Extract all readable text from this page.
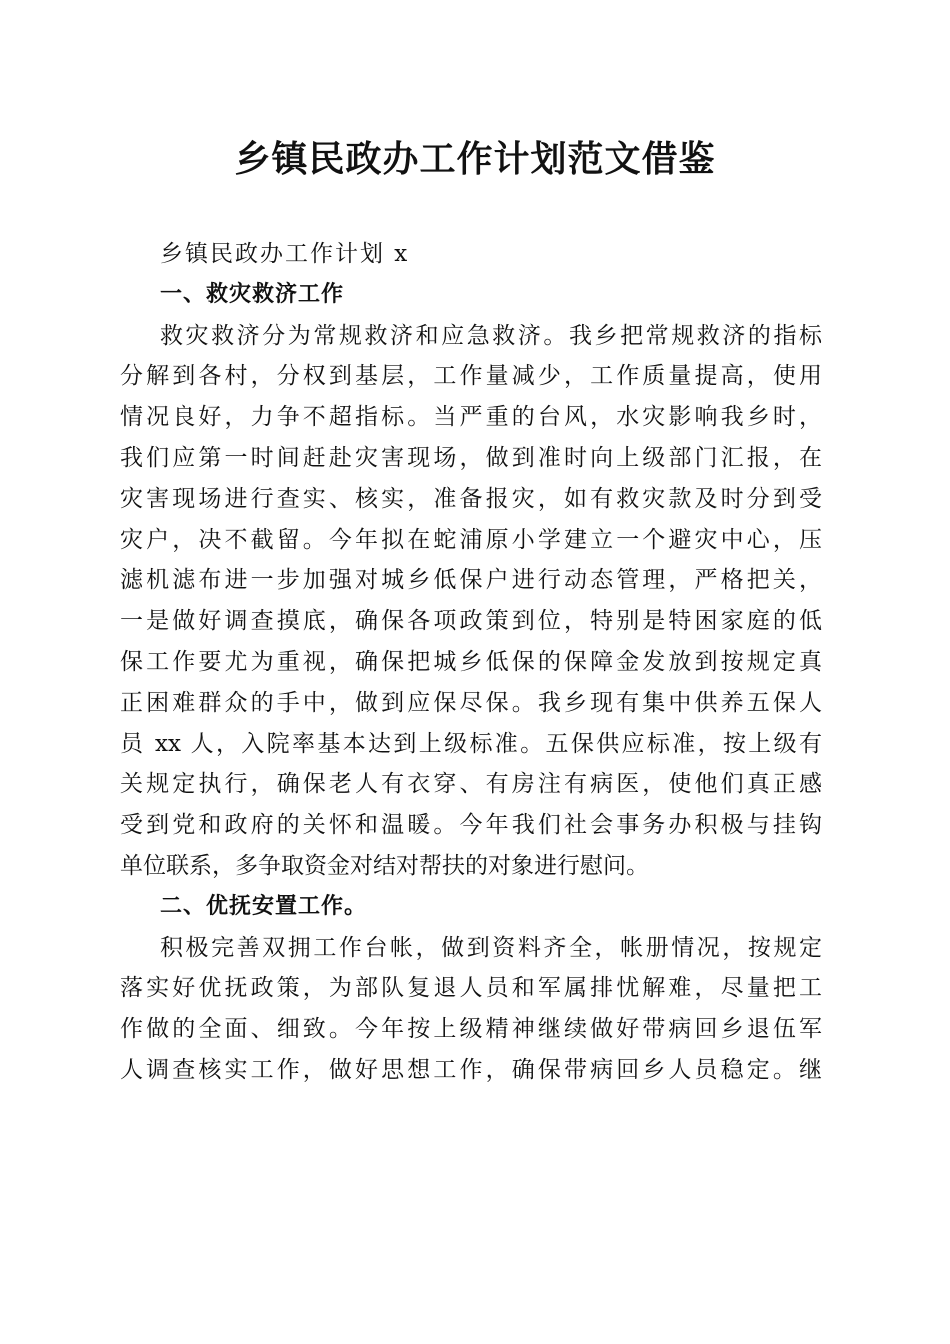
乡镇民政办工作计划范文借鉴
乡镇民政办工作计划 x
一、救灾救济工作
救灾救济分为常规救济和应急救济。我乡把常规救济的指标
分解到各村，分权到基层，工作量减少，工作质量提高，使用
情况良好，力争不超指标。当严重的台风，水灾影响我乡时，
我们应第一时间赶赴灾害现场，做到准时向上级部门汇报，在
灾害现场进行查实、核实，准备报灾，如有救灾款及时分到受
灾户，决不截留。今年拟在蛇浦原小学建立一个避灾中心，压
滤机滤布进一步加强对城乡低保户进行动态管理，严格把关，
一是做好调查摸底，确保各项政策到位，特别是特困家庭的低
保工作要尤为重视，确保把城乡低保的保障金发放到按规定真
正困难群众的手中，做到应保尽保。我乡现有集中供养五保人
员 xx 人，入院率基本达到上级标准。五保供应标准，按上级有
关规定执行，确保老人有衣穿、有房注有病医，使他们真正感
受到党和政府的关怀和温暖。今年我们社会事务办积极与挂钩
单位联系，多争取资金对结对帮扶的对象进行慰问。
二、优抚安置工作。
积极完善双拥工作台帐，做到资料齐全，帐册情况，按规定
落实好优抚政策，为部队复退人员和军属排忧解难，尽量把工
作做的全面、细致。今年按上级精神继续做好带病回乡退伍军
人调查核实工作，做好思想工作，确保带病回乡人员稳定。继
